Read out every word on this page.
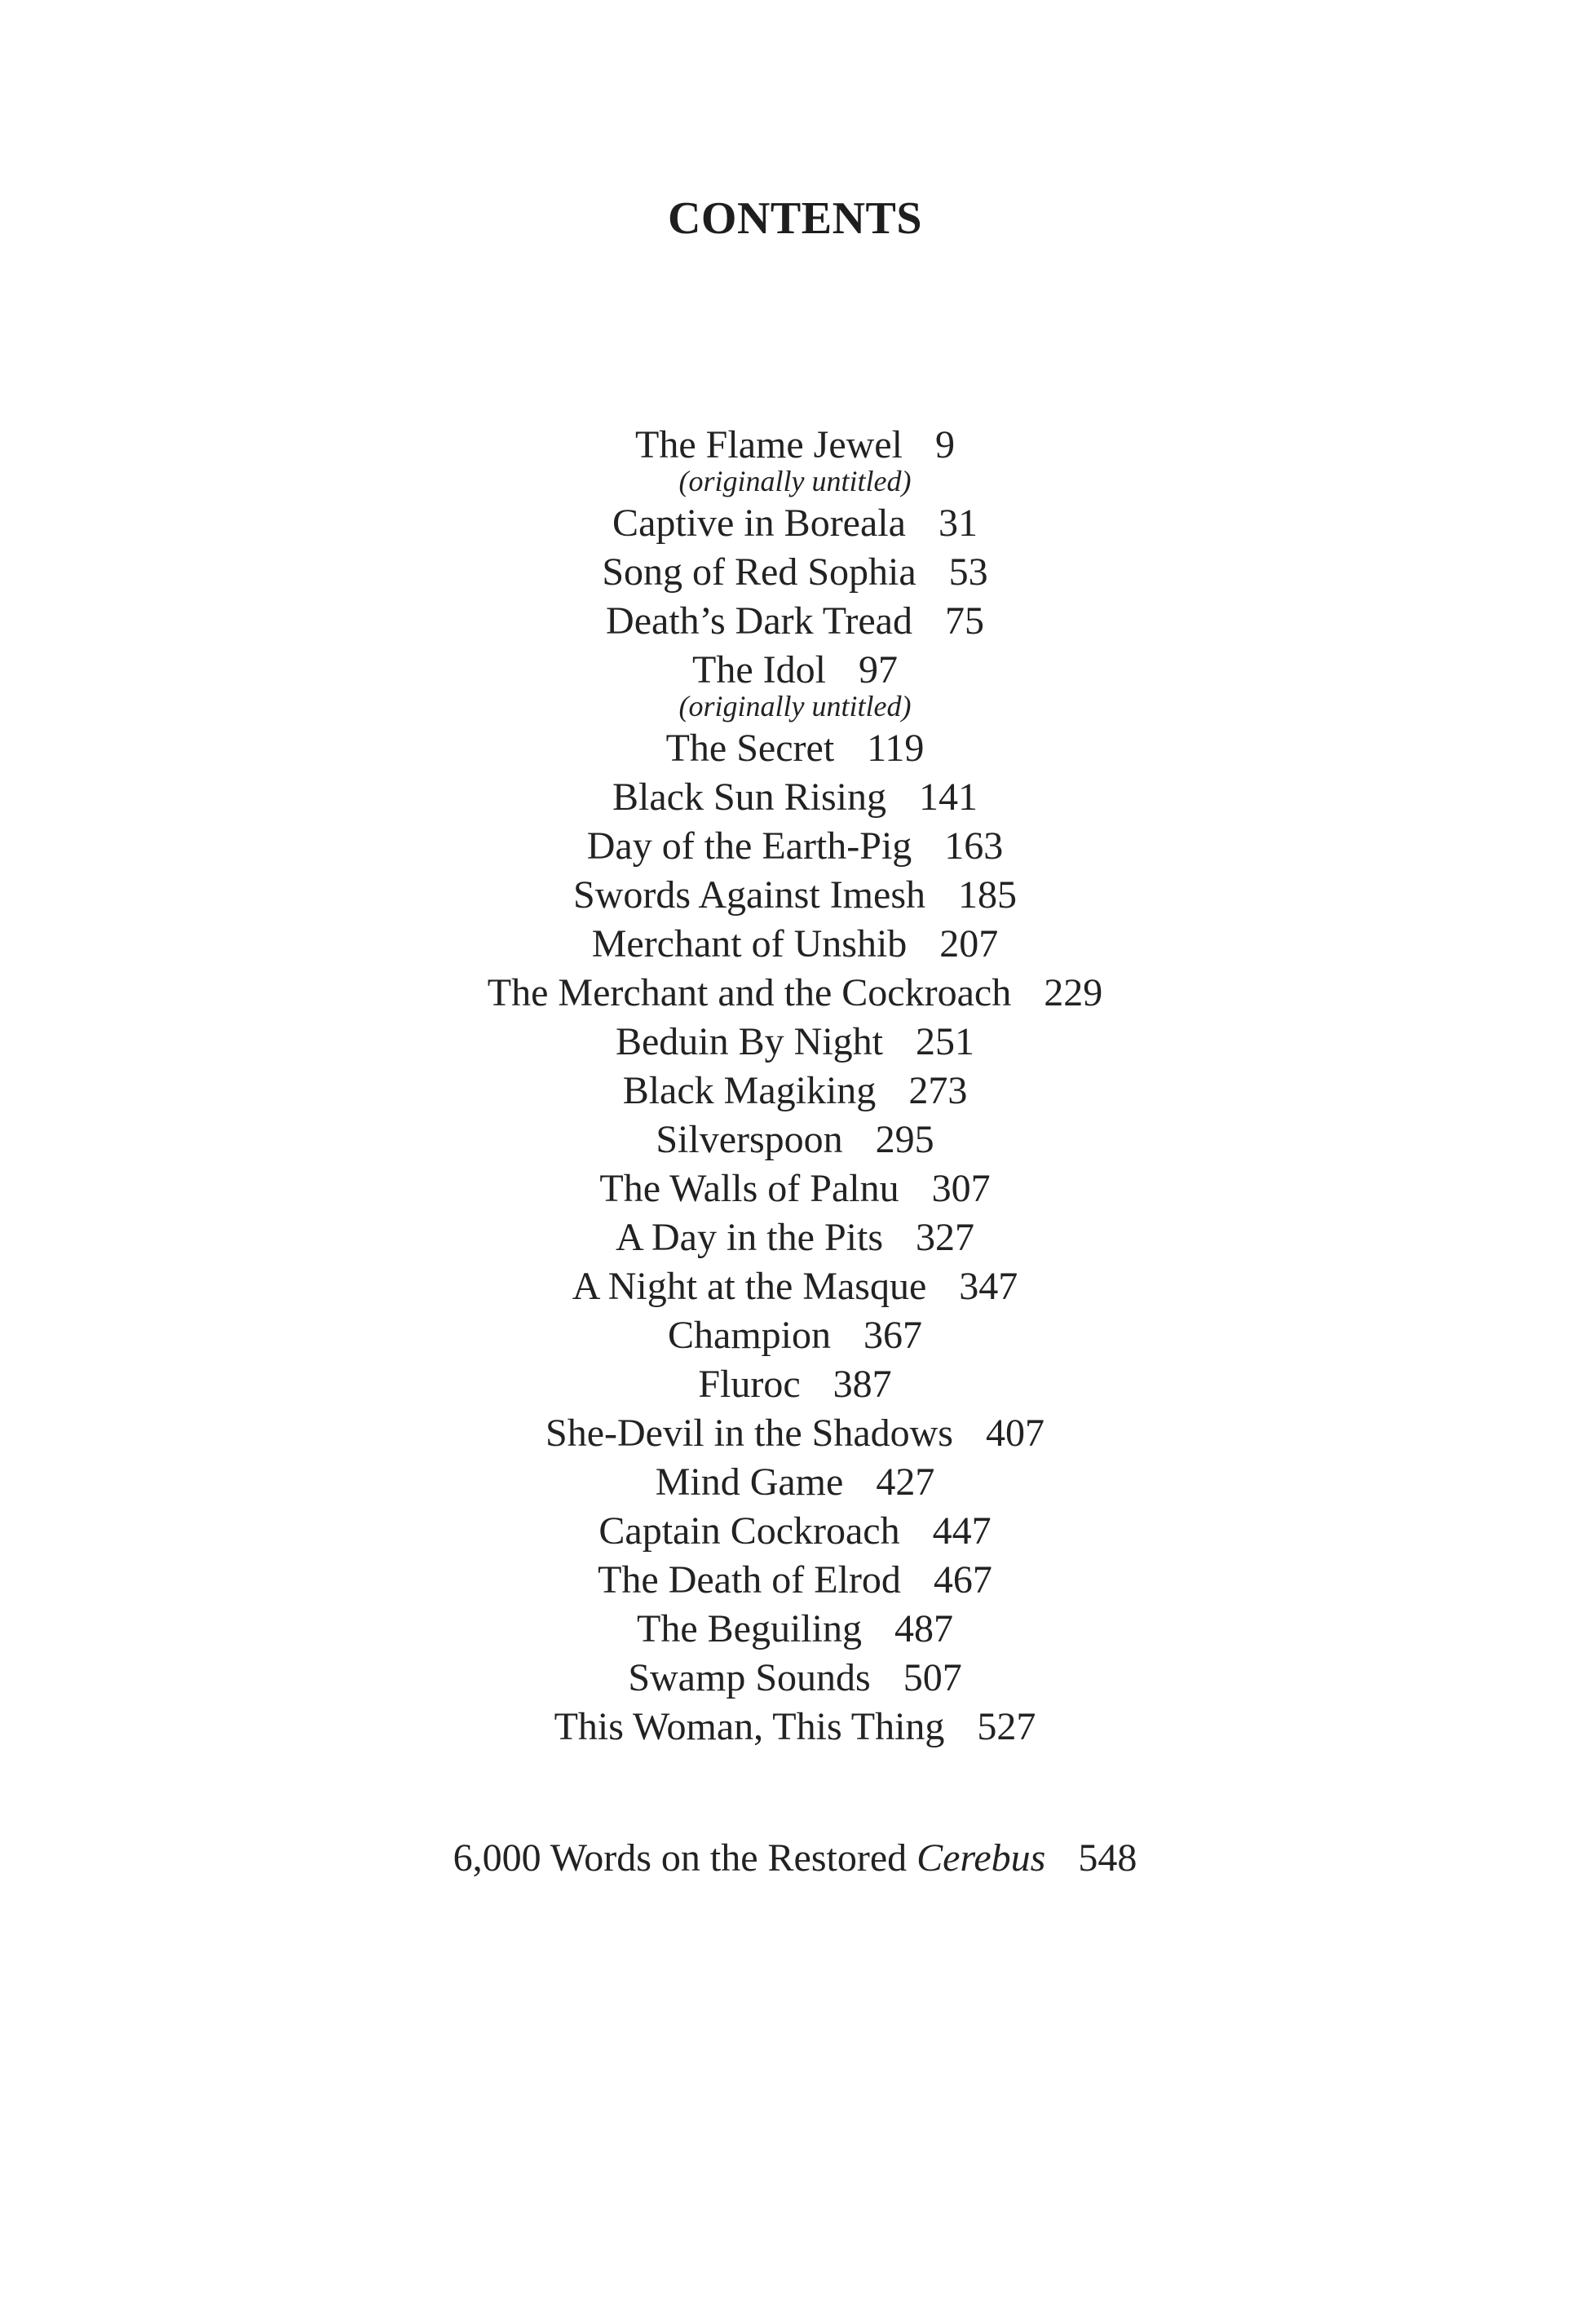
CONTENTS
The Flame Jewel 9
(originally untitled)
Captive in Boreala 31
Song of Red Sophia 53
Death’s Dark Tread 75
The Idol 97
(originally untitled)
The Secret 119
Black Sun Rising 141
Day of the Earth-Pig 163
Swords Against Imesh 185
Merchant of Unshib 207
The Merchant and the Cockroach 229
Beduin By Night 251
Black Magiking 273
Silverspoon 295
The Walls of Palnu 307
A Day in the Pits 327
A Night at the Masque 347
Champion 367
Fluroc 387
She-Devil in the Shadows 407
Mind Game 427
Captain Cockroach 447
The Death of Elrod 467
The Beguiling 487
Swamp Sounds 507
This Woman, This Thing 527
6,000 Words on the Restored Cerebus 548
